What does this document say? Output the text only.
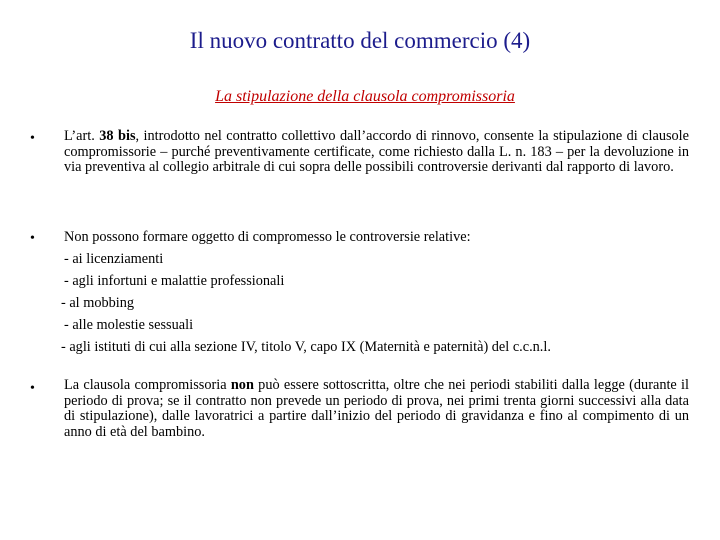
Il nuovo contratto del commercio (4)
La stipulazione della clausola compromissoria
• L’art. 38 bis, introdotto nel contratto collettivo dall’accordo di rinnovo, consente la stipulazione di clausole compromissorie – purché preventivamente certificate, come richiesto dalla L. n. 183 – per la devoluzione in via preventiva al collegio arbitrale di cui sopra delle possibili controversie derivanti dal rapporto di lavoro.
• Non possono formare oggetto di compromesso le controversie relative:
- ai licenziamenti
- agli infortuni e malattie professionali
- al mobbing
- alle molestie sessuali
- agli istituti di cui alla sezione IV, titolo V, capo IX (Maternità e paternità) del c.c.n.l.
• La clausola compromissoria non può essere sottoscritta, oltre che nei periodi stabiliti dalla legge (durante il periodo di prova; se il contratto non prevede un periodo di prova, nei primi trenta giorni successivi alla data di stipulazione), dalle lavoratrici a partire dall’inizio del periodo di gravidanza e fino al compimento di un anno di età del bambino.
